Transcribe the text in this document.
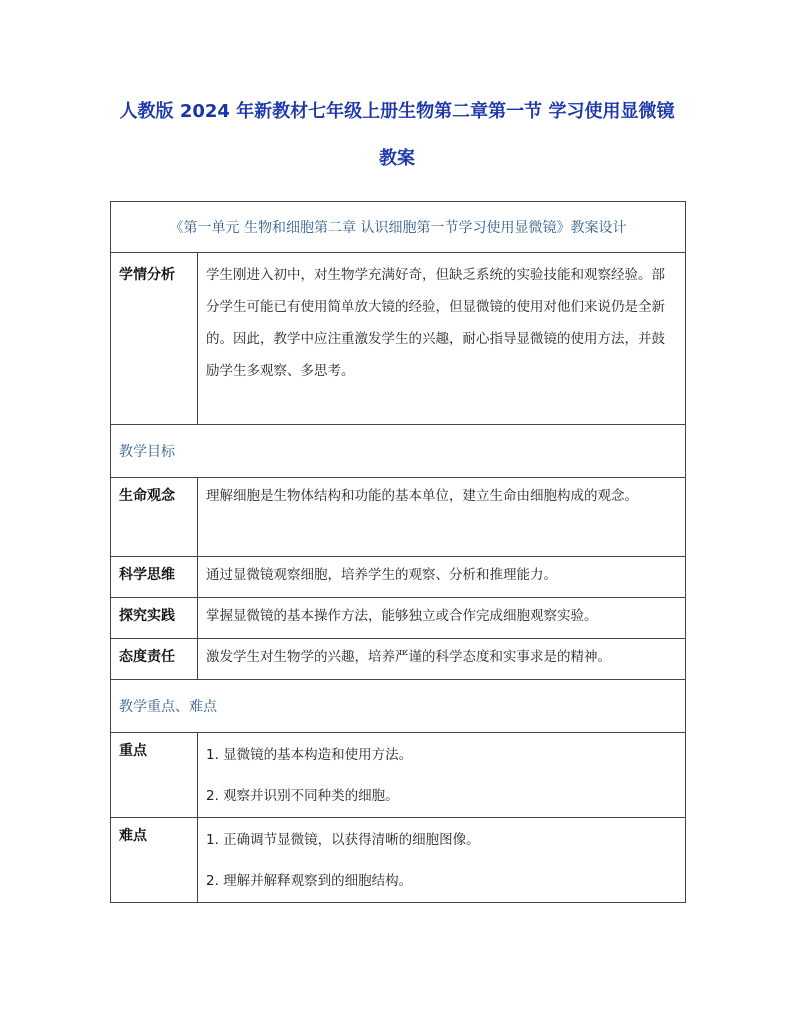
人教版 2024 年新教材七年级上册生物第二章第一节 学习使用显微镜
教案
《第一单元 生物和细胞第二章 认识细胞第一节学习使用显微镜》教案设计	

学情分析	学生刚进入初中，对生物学充满好奇，但缺乏系统的实验技能和观察经验。部分学生可能已有使用简单放大镜的经验，但显微镜的使用对他们来说仍是全新的。因此，教学中应注重激发学生的兴趣，耐心指导显微镜的使用方法，并鼓励学生多观察、多思考。

教学目标	

生命观念	理解细胞是生物体结构和功能的基本单位，建立生命由细胞构成的观念。

科学思维	通过显微镜观察细胞，培养学生的观察、分析和推理能力。

探究实践	掌握显微镜的基本操作方法，能够独立或合作完成细胞观察实验。

态度责任	激发学生对生物学的兴趣，培养严谨的科学态度和实事求是的精神。

教学重点、难点	

重点	1. 显微镜的基本构造和使用方法。
2. 观察并识别不同种类的细胞。

难点	1. 正确调节显微镜，以获得清晰的细胞图像。
2. 理解并解释观察到的细胞结构。
